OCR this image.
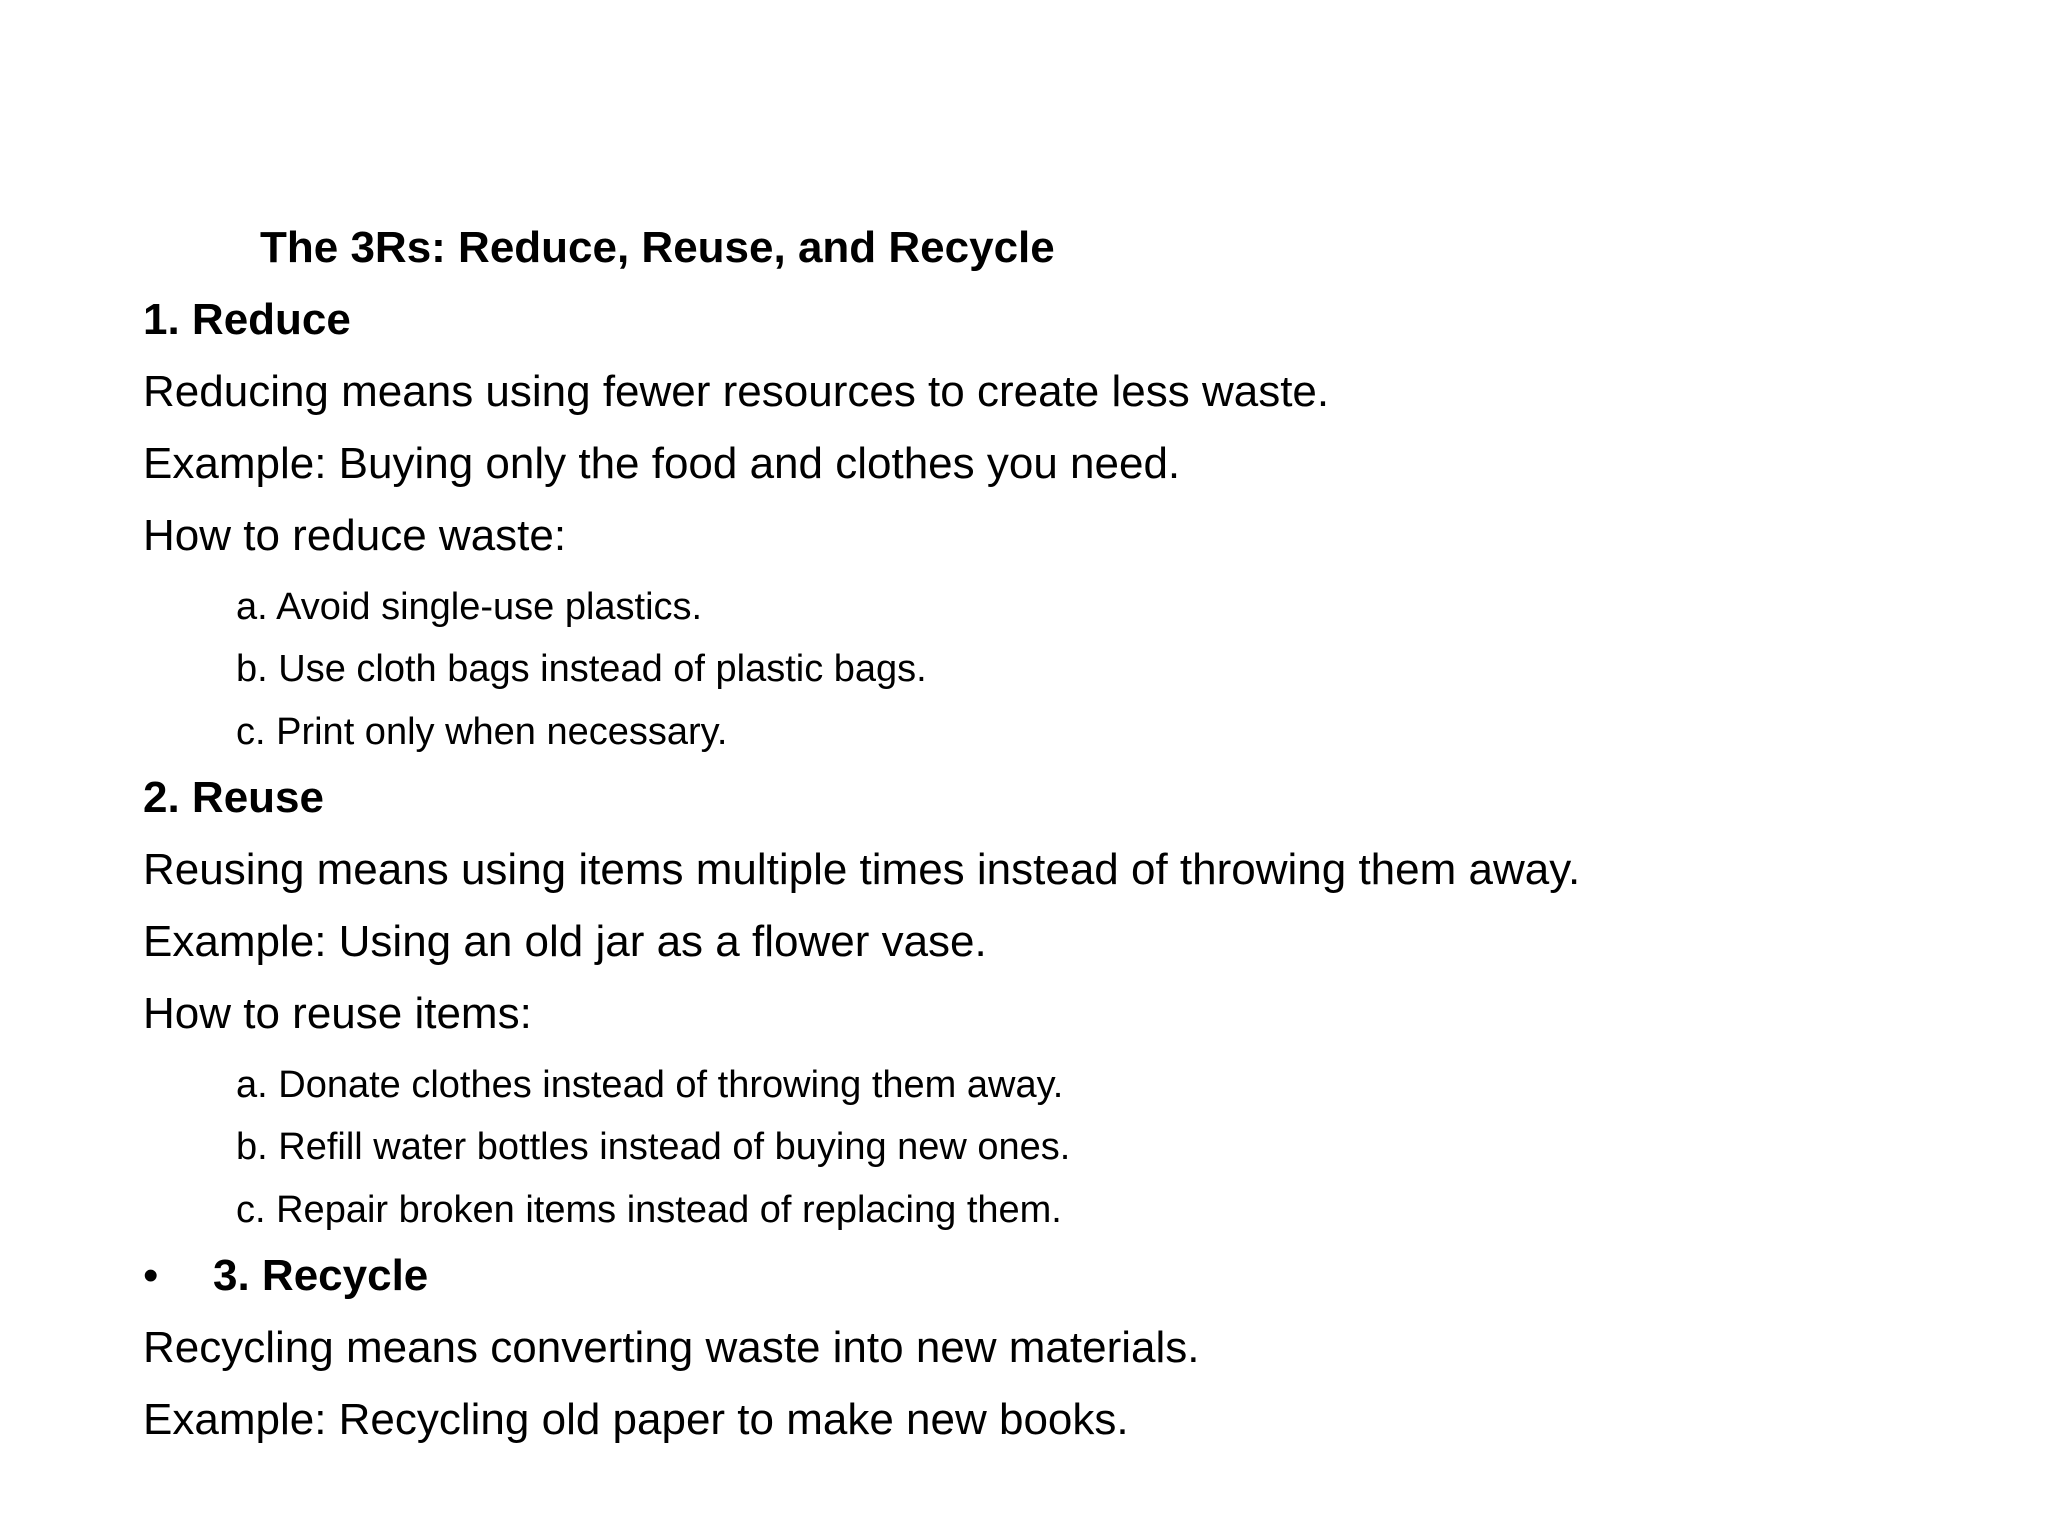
The 3Rs: Reduce, Reuse, and Recycle
1. Reduce
Reducing means using fewer resources to create less waste.
Example: Buying only the food and clothes you need.
How to reduce waste:
a. Avoid single-use plastics.
b. Use cloth bags instead of plastic bags.
c. Print only when necessary.
2. Reuse
Reusing means using items multiple times instead of throwing them away.
Example: Using an old jar as a flower vase.
How to reuse items:
a. Donate clothes instead of throwing them away.
b. Refill water bottles instead of buying new ones.
c. Repair broken items instead of replacing them.
• 3. Recycle
Recycling means converting waste into new materials.
Example: Recycling old paper to make new books.
